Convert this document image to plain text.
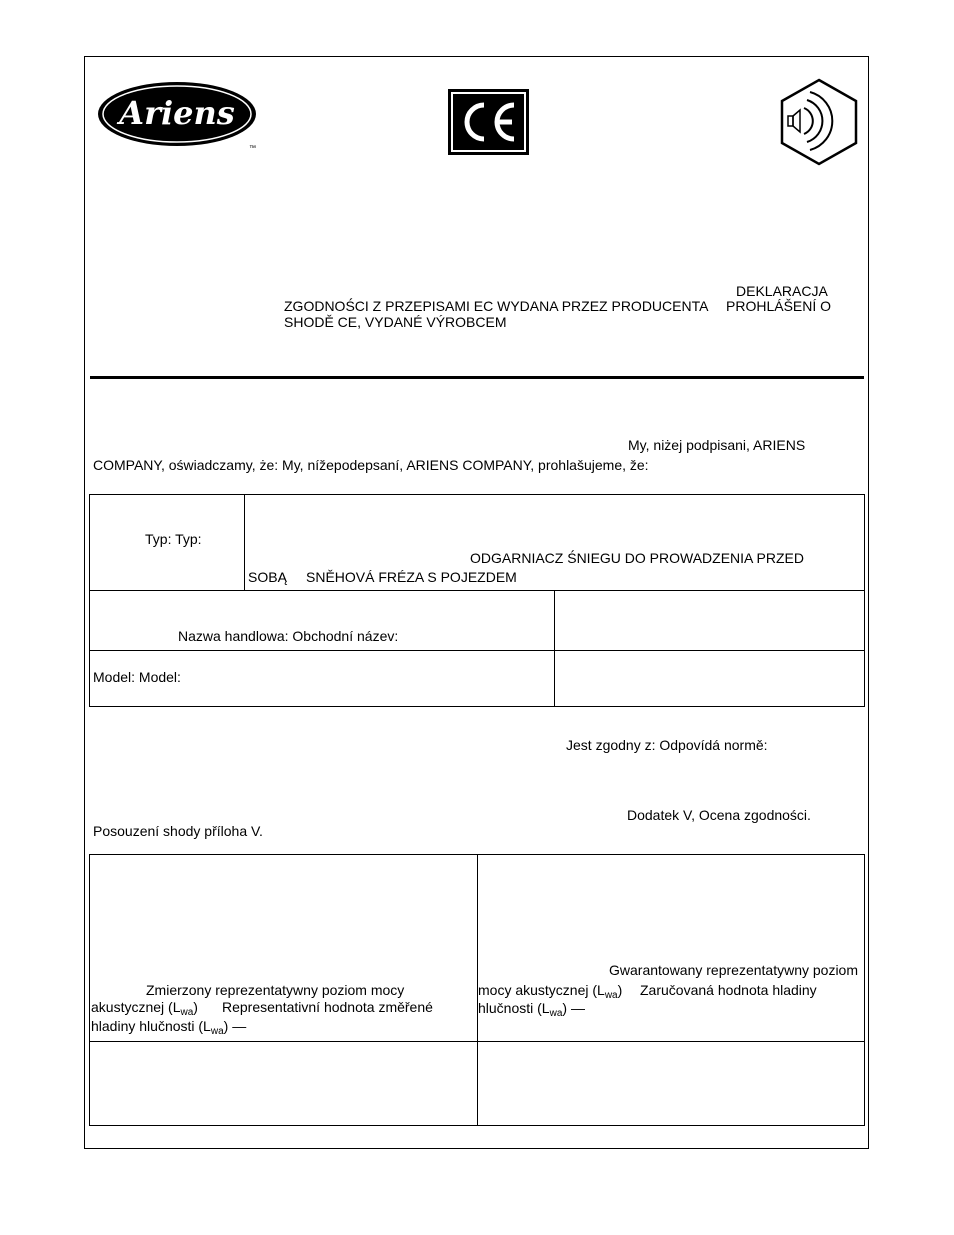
Ariens
™
DEKLARACJA
ZGODNOŚCI Z PRZEPISAMI EC WYDANA PRZEZ PRODUCENTA PROHLÁŠENÍ O
SHODĚ CE, VYDANÉ VÝROBCEM
My, niżej podpisani, ARIENS
COMPANY, oświadczamy, że: My, nížepodepsaní, ARIENS COMPANY, prohlašujeme, že:
Typ: Typ:
ODGARNIACZ ŚNIEGU DO PROWADZENIA PRZED
SOBĄ SNĚHOVÁ FRÉZA S POJEZDEM
Nazwa handlowa: Obchodní název:
Model: Model:
Jest zgodny z: Odpovídá normě:
Dodatek V, Ocena zgodności.
Posouzení shody příloha V.
Zmierzony reprezentatywny poziom mocy
akustycznej $(L_{wa})$ Representativní hodnota změřené
hladiny hlučnosti $(L_{wa})$ —
Gwarantowany reprezentatywny poziom
mocy akustycznej $(L_{wa})$ Zaručovaná hodnota hladiny
hlučnosti $(L_{wa})$ —
